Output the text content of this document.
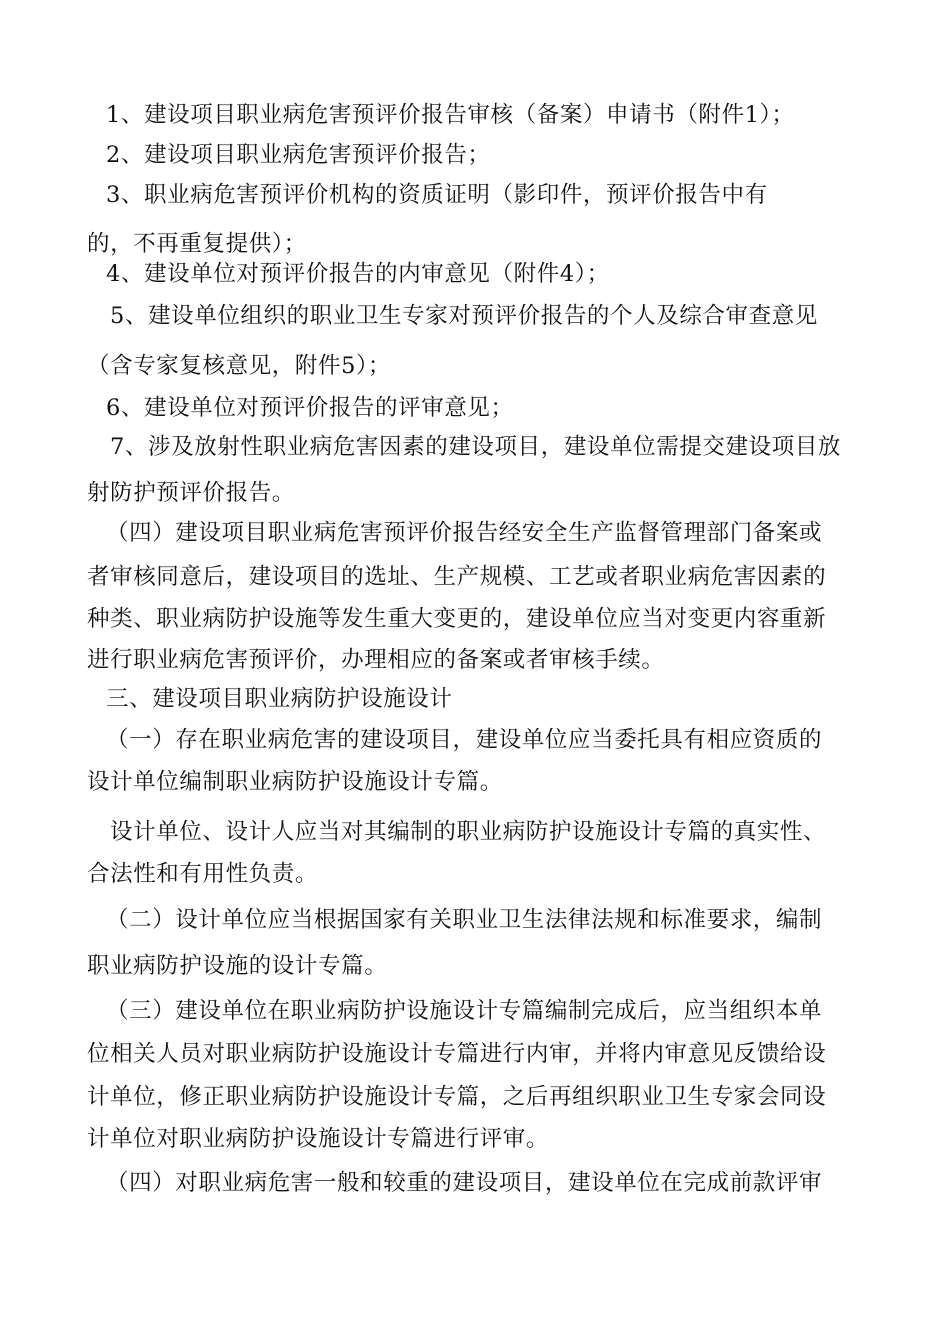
1、建设项目职业病危害预评价报告审核（备案）申请书（附件1）；
2、建设项目职业病危害预评价报告；
3、职业病危害预评价机构的资质证明（影印件，预评价报告中有
的，不再重复提供）；
4、建设单位对预评价报告的内审意见（附件4）；
5、建设单位组织的职业卫生专家对预评价报告的个人及综合审查意见
（含专家复核意见，附件5）；
6、建设单位对预评价报告的评审意见；
7、涉及放射性职业病危害因素的建设项目，建设单位需提交建设项目放
射防护预评价报告。
（四）建设项目职业病危害预评价报告经安全生产监督管理部门备案或
者审核同意后，建设项目的选址、生产规模、工艺或者职业病危害因素的
种类、职业病防护设施等发生重大变更的，建设单位应当对变更内容重新
进行职业病危害预评价，办理相应的备案或者审核手续。
三、建设项目职业病防护设施设计
（一）存在职业病危害的建设项目，建设单位应当委托具有相应资质的
设计单位编制职业病防护设施设计专篇。
设计单位、设计人应当对其编制的职业病防护设施设计专篇的真实性、
合法性和有用性负责。
（二）设计单位应当根据国家有关职业卫生法律法规和标准要求，编制
职业病防护设施的设计专篇。
（三）建设单位在职业病防护设施设计专篇编制完成后，应当组织本单
位相关人员对职业病防护设施设计专篇进行内审，并将内审意见反馈给设
计单位，修正职业病防护设施设计专篇，之后再组织职业卫生专家会同设
计单位对职业病防护设施设计专篇进行评审。
（四）对职业病危害一般和较重的建设项目，建设单位在完成前款评审
